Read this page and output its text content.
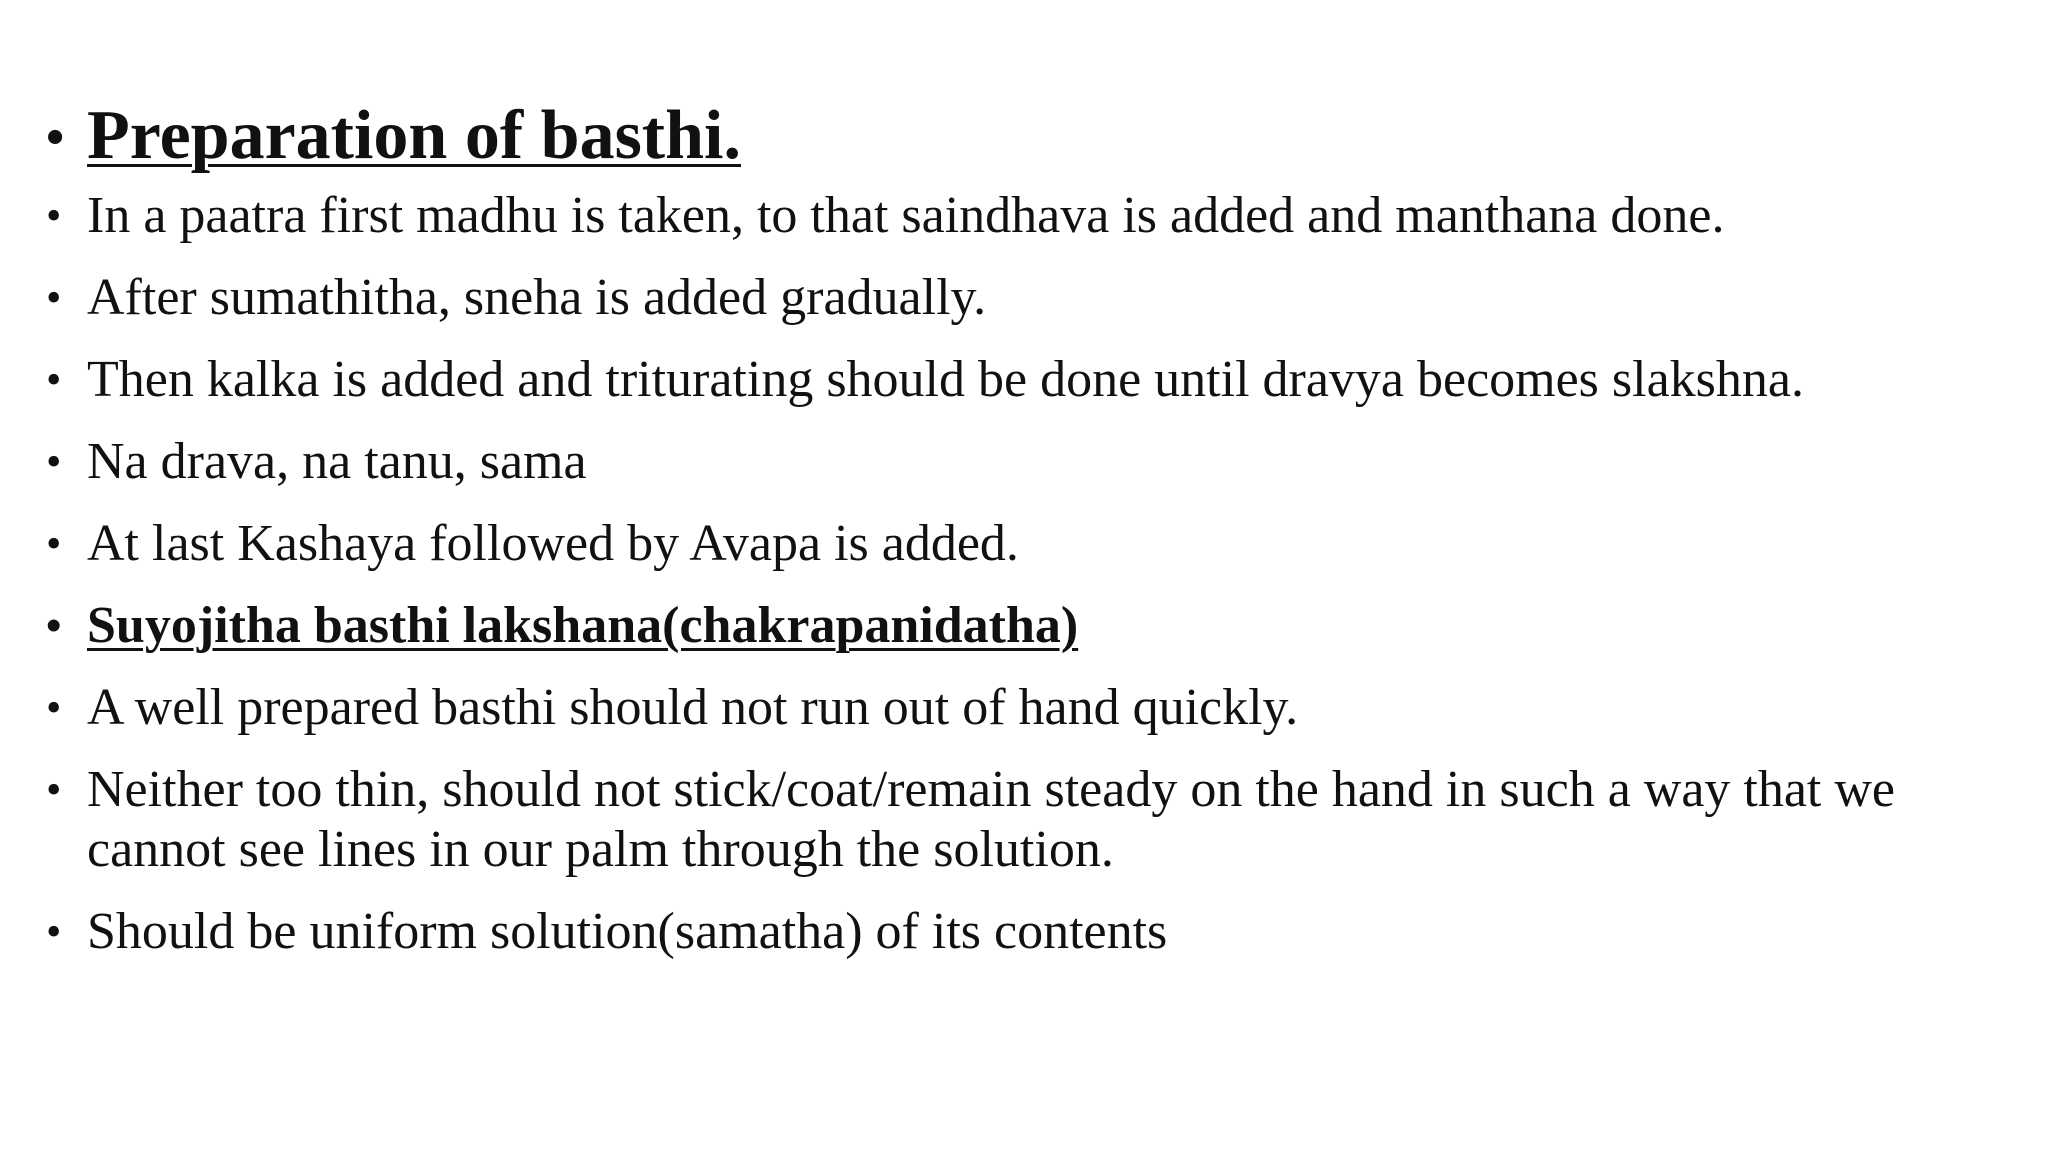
• Preparation of basthi.
• In a paatra first madhu is taken, to that saindhava is added and manthana done.
• After sumathitha, sneha is added gradually.
• Then kalka is added and triturating should be done until dravya becomes slakshna.
• Na drava, na tanu, sama
• At last Kashaya followed by Avapa is added.
• Suyojitha basthi lakshana(chakrapanidatha)
• A well prepared basthi should not run out of hand quickly.
• Neither too thin, should not stick/coat/remain steady on the hand in such a way that we cannot see lines in our palm through the solution.
• Should be uniform solution(samatha) of its contents
